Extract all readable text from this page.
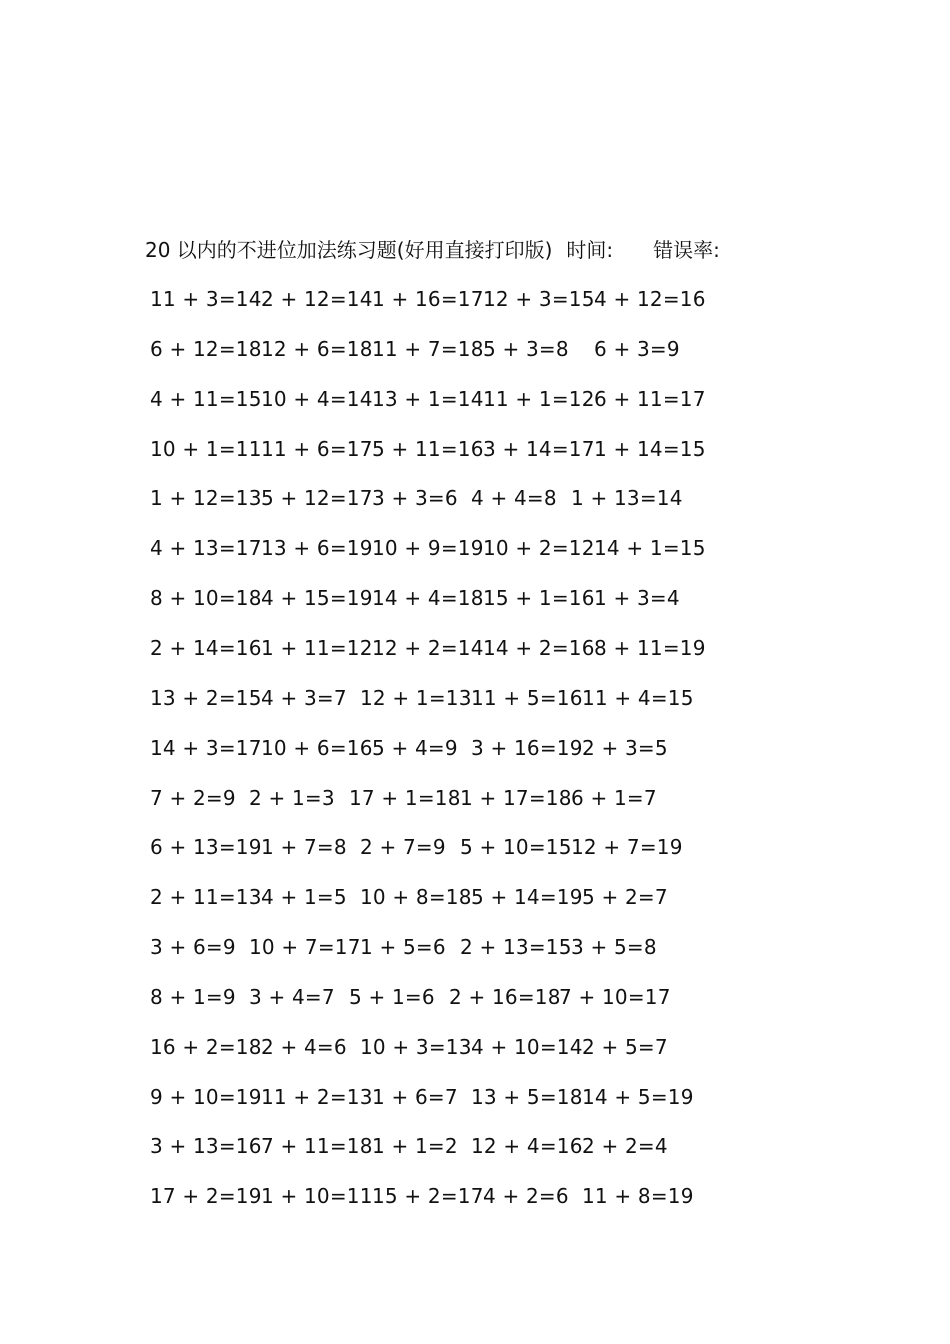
20 以内的不进位加法练习题(好用直接打印版) 时间: 错误率:
11 + 3=14 2 + 12=14 1 + 16=17 12 + 3=15 4 + 12=16
6 + 12=18 12 + 6=18 11 + 7=18 5 + 3=8 6 + 3=9
4 + 11=15 10 + 4=14 13 + 1=14 11 + 1=12 6 + 11=17
10 + 1=11 11 + 6=17 5 + 11=16 3 + 14=17 1 + 14=15
1 + 12=13 5 + 12=17 3 + 3=6 4 + 4=8 1 + 13=14
4 + 13=17 13 + 6=19 10 + 9=19 10 + 2=12 14 + 1=15
8 + 10=18 4 + 15=19 14 + 4=18 15 + 1=16 1 + 3=4
2 + 14=16 1 + 11=12 12 + 2=14 14 + 2=16 8 + 11=19
13 + 2=15 4 + 3=7 12 + 1=13 11 + 5=16 11 + 4=15
14 + 3=17 10 + 6=16 5 + 4=9 3 + 16=19 2 + 3=5
7 + 2=9 2 + 1=3 17 + 1=18 1 + 17=18 6 + 1=7
6 + 13=19 1 + 7=8 2 + 7=9 5 + 10=15 12 + 7=19
2 + 11=13 4 + 1=5 10 + 8=18 5 + 14=19 5 + 2=7
3 + 6=9 10 + 7=17 1 + 5=6 2 + 13=15 3 + 5=8
8 + 1=9 3 + 4=7 5 + 1=6 2 + 16=18
7 + 10=17
16 + 2=18 2 + 4=6 10 + 3=13 4 + 10=14 2 + 5=7
9 + 10=19 11 + 2=13 1 + 6=7 13 + 5=18 14 + 5=19
3 + 13=16 7 + 11=18 1 + 1=2 12 + 4=16 2 + 2=4
17 + 2=19 1 + 10=11 15 + 2=17 4 + 2=6 11 + 8=19
